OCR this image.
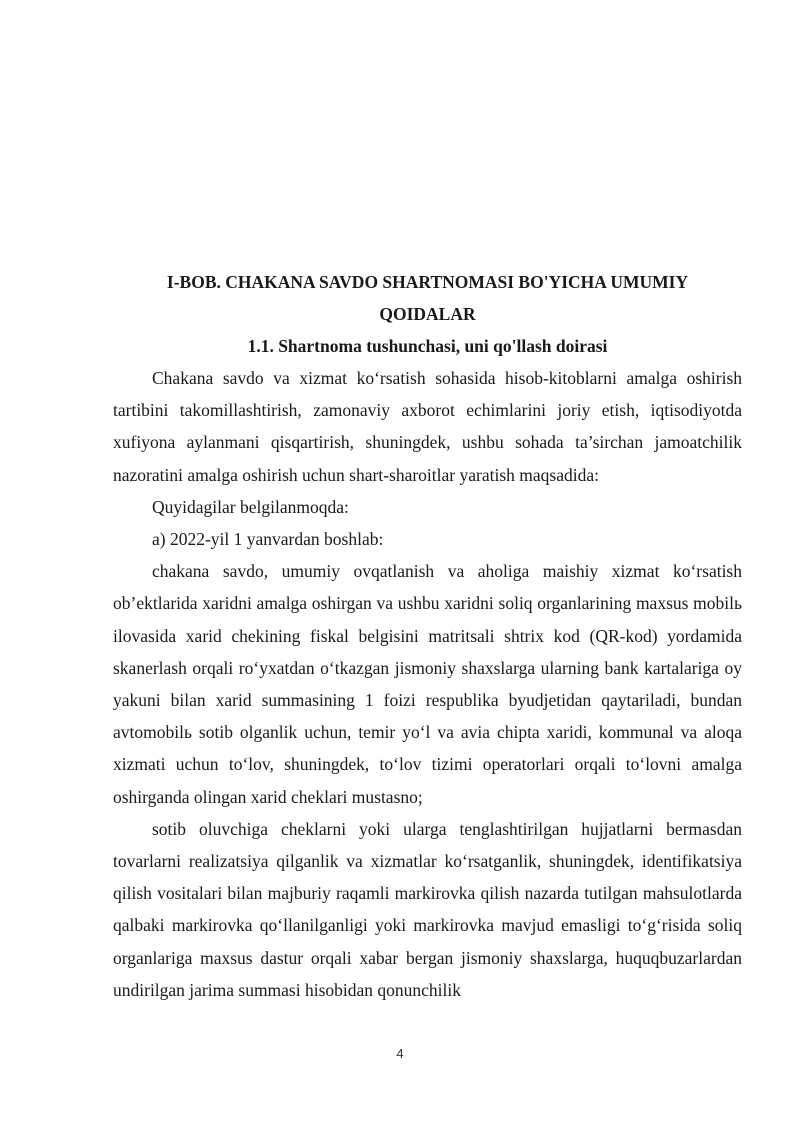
I-BOB. CHAKANA SAVDO SHARTNOMASI BO'YICHA UMUMIY

QOIDALAR

1.1. Shartnoma tushunchasi, uni qo'llash doirasi

Chakana savdo va xizmat ko‘rsatish sohasida hisob-kitoblarni amalga oshirish tartibini takomillashtirish, zamonaviy axborot echimlarini joriy etish, iqtisodiyotda xufiyona aylanmani qisqartirish, shuningdek, ushbu sohada ta’sirchan jamoatchilik nazoratini amalga oshirish uchun shart-sharoitlar yaratish maqsadida:

Quyidagilar belgilanmoqda:

a) 2022-yil 1 yanvardan boshlab:

chakana savdo, umumiy ovqatlanish va aholiga maishiy xizmat ko‘rsatish ob’ektlarida xaridni amalga oshirgan va ushbu xaridni soliq organlarining maxsus mobilь ilovasida xarid chekining fiskal belgisini matritsali shtrix kod (QR-kod) yordamida skanerlash orqali ro‘yxatdan o‘tkazgan jismoniy shaxslarga ularning bank kartalariga oy yakuni bilan xarid summasining 1 foizi respublika byudjetidan qaytariladi, bundan avtomobilь sotib olganlik uchun, temir yo‘l va avia chipta xaridi, kommunal va aloqa xizmati uchun to‘lov, shuningdek, to‘lov tizimi operatorlari orqali to‘lovni amalga oshirganda olingan xarid cheklari mustasno;

sotib oluvchiga cheklarni yoki ularga tenglashtirilgan hujjatlarni bermasdan tovarlarni realizatsiya qilganlik va xizmatlar ko‘rsatganlik, shuningdek, identifikatsiya qilish vositalari bilan majburiy raqamli markirovka qilish nazarda tutilgan mahsulotlarda qalbaki markirovka qo‘llanilganligi yoki markirovka mavjud emasligi to‘g‘risida soliq organlariga maxsus dastur orqali xabar bergan jismoniy shaxslarga, huquqbuzarlardan undirilgan jarima summasi hisobidan qonunchilik

4
